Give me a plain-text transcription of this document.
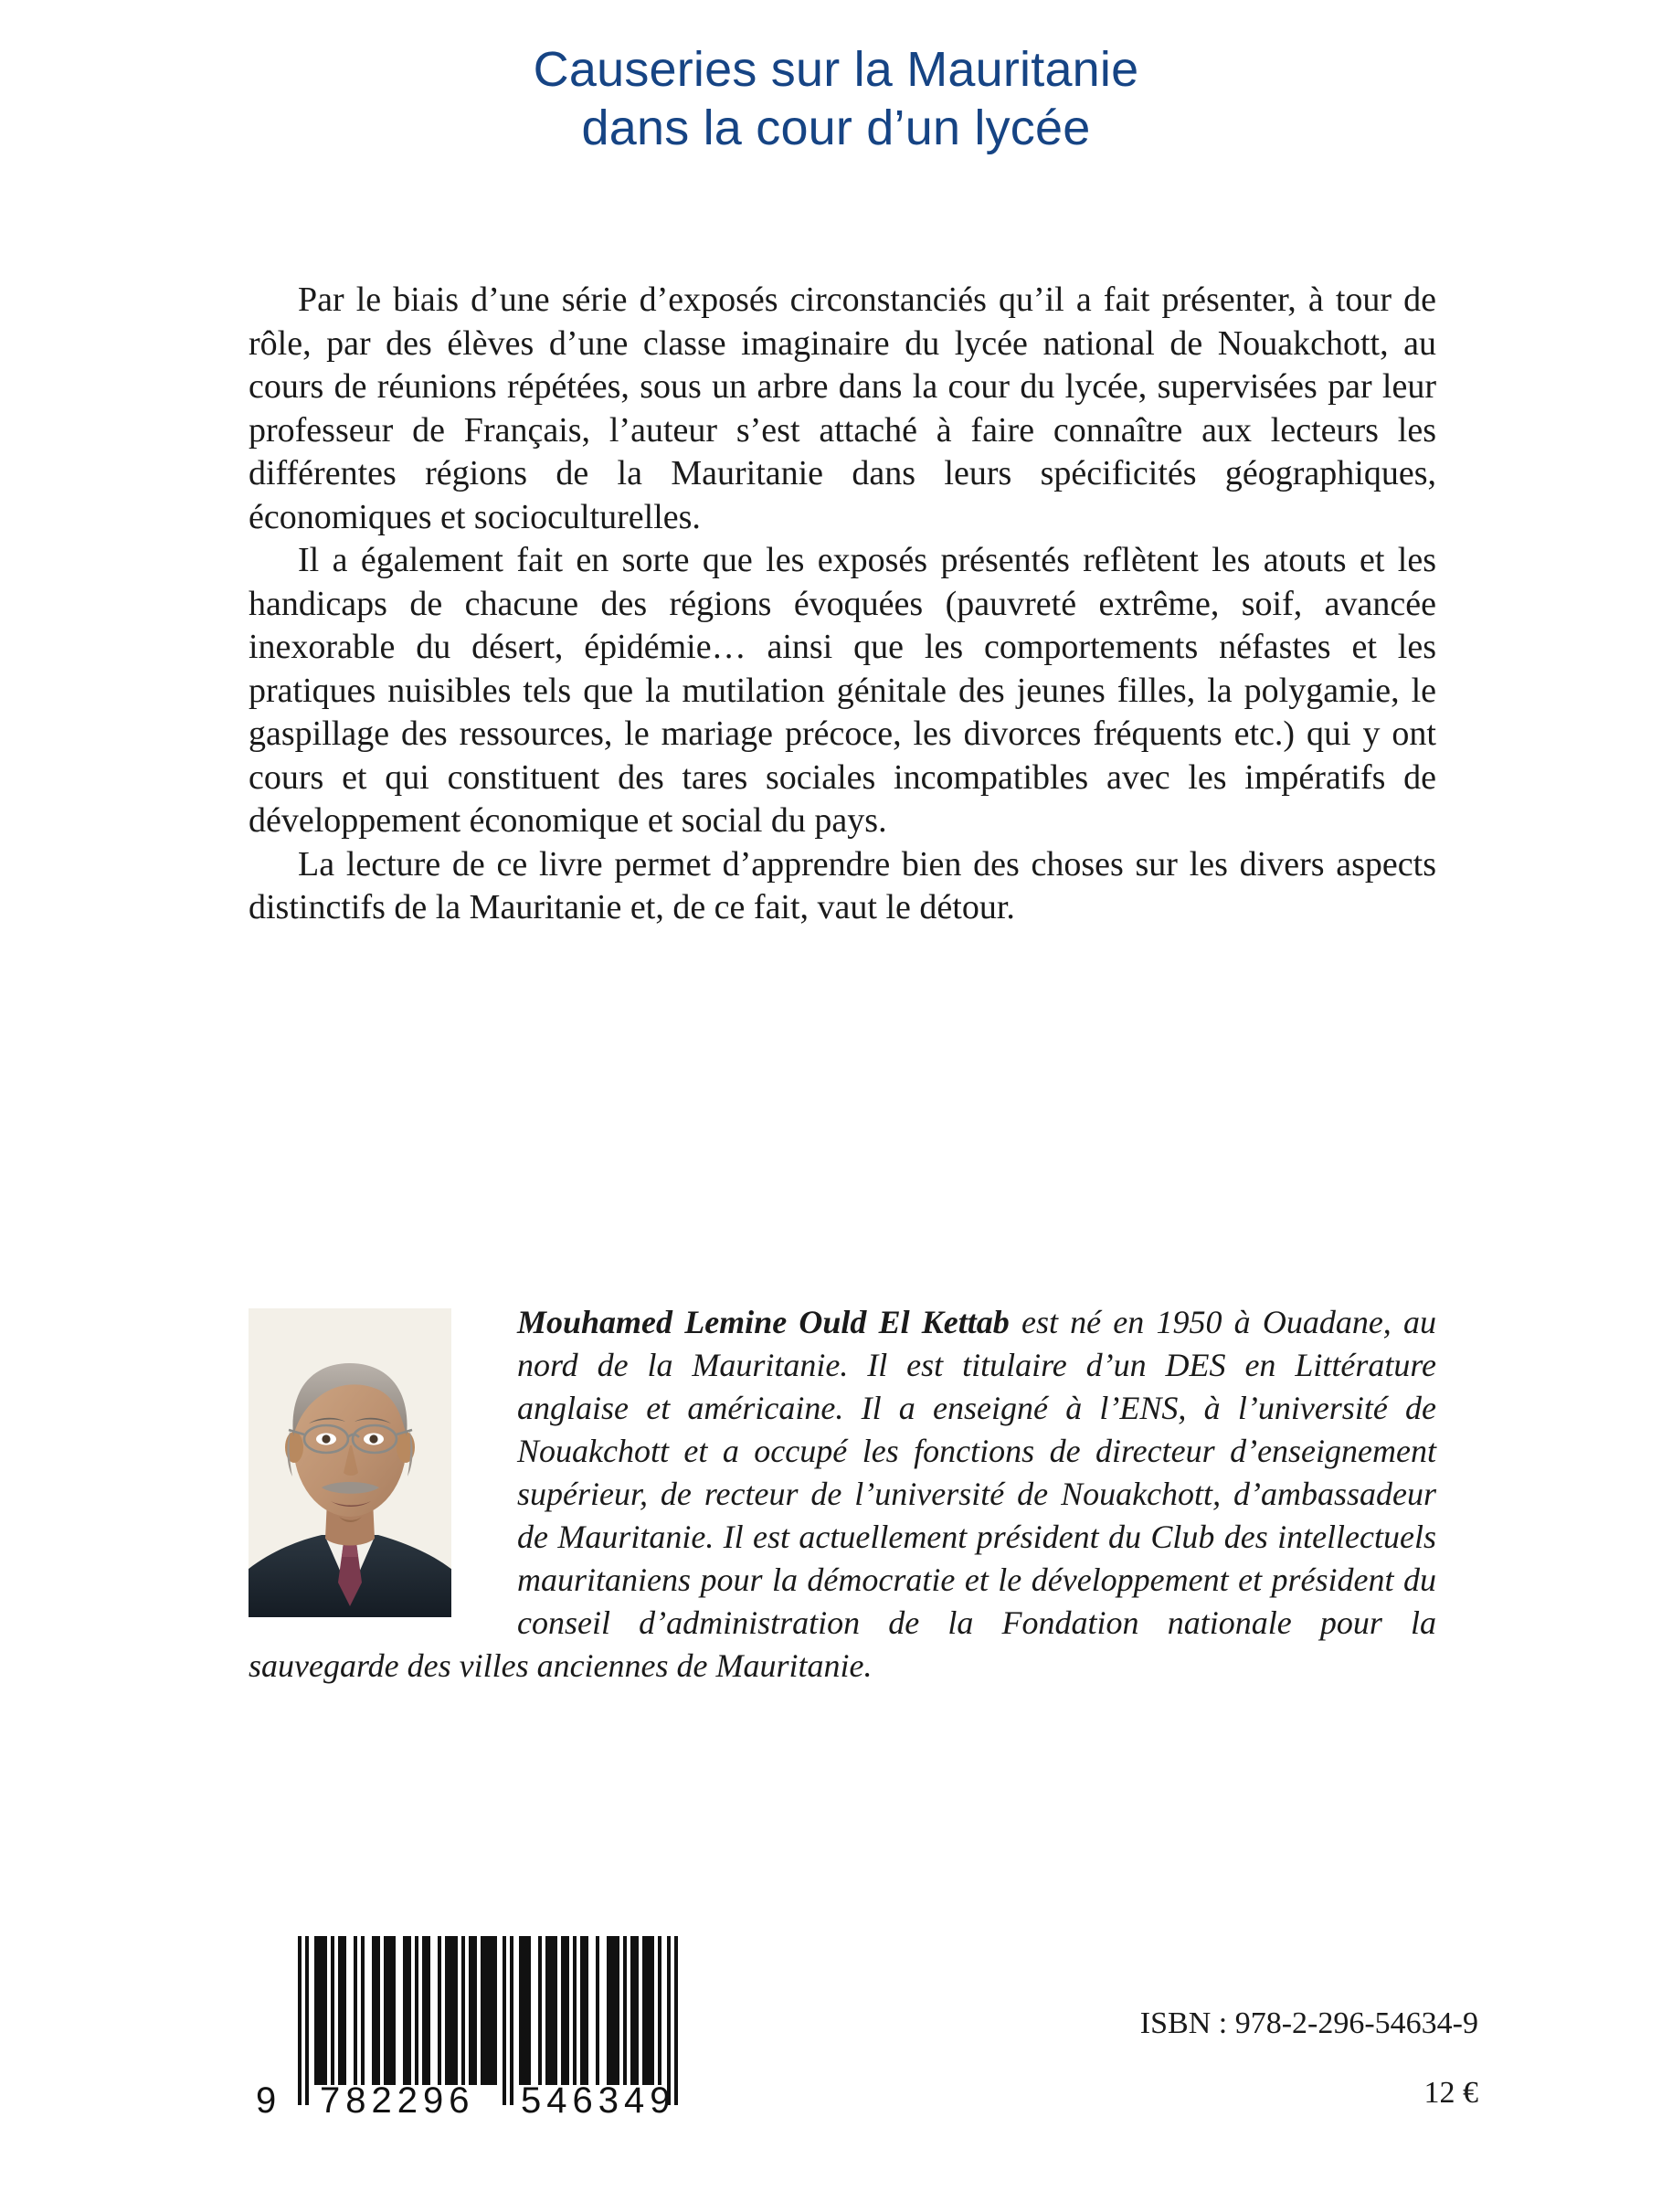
Causeries sur la Mauritanie
dans la cour d’un lycée

Par le biais d’une série d’exposés circonstanciés qu’il a fait présenter, à tour de rôle, par des élèves d’une classe imaginaire du lycée national de Nouakchott, au cours de réunions répétées, sous un arbre dans la cour du lycée, supervisées par leur professeur de Français, l’auteur s’est attaché à faire connaître aux lecteurs les différentes régions de la Mauritanie dans leurs spécificités géographiques, économiques et socioculturelles.

Il a également fait en sorte que les exposés présentés reflètent les atouts et les handicaps de chacune des régions évoquées (pauvreté extrême, soif, avancée inexorable du désert, épidémie… ainsi que les comportements néfastes et les pratiques nuisibles tels que la mutilation génitale des jeunes filles, la polygamie, le gaspillage des ressources, le mariage précoce, les divorces fréquents etc.) qui y ont cours et qui constituent des tares sociales incompatibles avec les impératifs de développement économique et social du pays.

La lecture de ce livre permet d’apprendre bien des choses sur les divers aspects distinctifs de la Mauritanie et, de ce fait, vaut le détour.

Mouhamed Lemine Ould El Kettab est né en 1950 à Ouadane, au nord de la Mauritanie. Il est titulaire d’un DES en Littérature anglaise et américaine. Il a enseigné à l’ENS, à l’université de Nouakchott et a occupé les fonctions de directeur d’enseignement supérieur, de recteur de l’université de Nouakchott, d’ambassadeur de Mauritanie. Il est actuellement président du Club des intellectuels mauritaniens pour la démocratie et le développement et président du conseil d’administration de la Fondation nationale pour la sauvegarde des villes anciennes de Mauritanie.

9 782296 546349
ISBN : 978-2-296-54634-9
12 €
